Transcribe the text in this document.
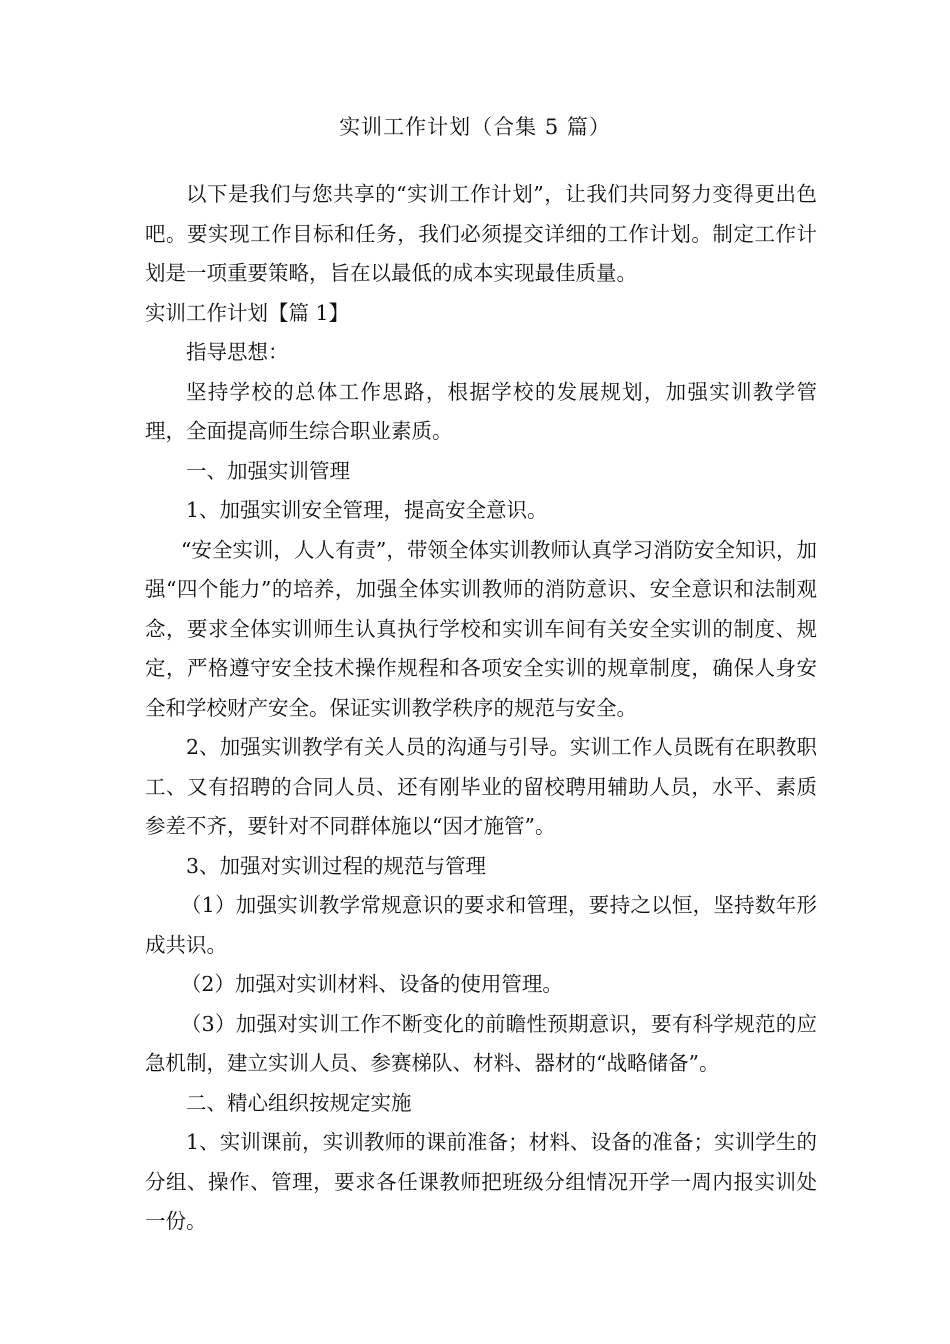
实训工作计划（合集 5 篇）

以下是我们与您共享的“实训工作计划”，让我们共同努力变得更出色吧。要实现工作目标和任务，我们必须提交详细的工作计划。制定工作计划是一项重要策略，旨在以最低的成本实现最佳质量。

实训工作计划【篇 1】

指导思想：

坚持学校的总体工作思路，根据学校的发展规划，加强实训教学管理，全面提高师生综合职业素质。

一、加强实训管理

1、加强实训安全管理，提高安全意识。

“安全实训，人人有责”，带领全体实训教师认真学习消防安全知识，加强“四个能力”的培养，加强全体实训教师的消防意识、安全意识和法制观念，要求全体实训师生认真执行学校和实训车间有关安全实训的制度、规定，严格遵守安全技术操作规程和各项安全实训的规章制度，确保人身安全和学校财产安全。保证实训教学秩序的规范与安全。

2、加强实训教学有关人员的沟通与引导。实训工作人员既有在职教职工、又有招聘的合同人员、还有刚毕业的留校聘用辅助人员，水平、素质参差不齐，要针对不同群体施以“因才施管”。

3、加强对实训过程的规范与管理

（1）加强实训教学常规意识的要求和管理，要持之以恒，坚持数年形成共识。

（2）加强对实训材料、设备的使用管理。

（3）加强对实训工作不断变化的前瞻性预期意识，要有科学规范的应急机制，建立实训人员、参赛梯队、材料、器材的“战略储备”。

二、精心组织按规定实施

1、实训课前，实训教师的课前准备；材料、设备的准备；实训学生的分组、操作、管理，要求各任课教师把班级分组情况开学一周内报实训处一份。
